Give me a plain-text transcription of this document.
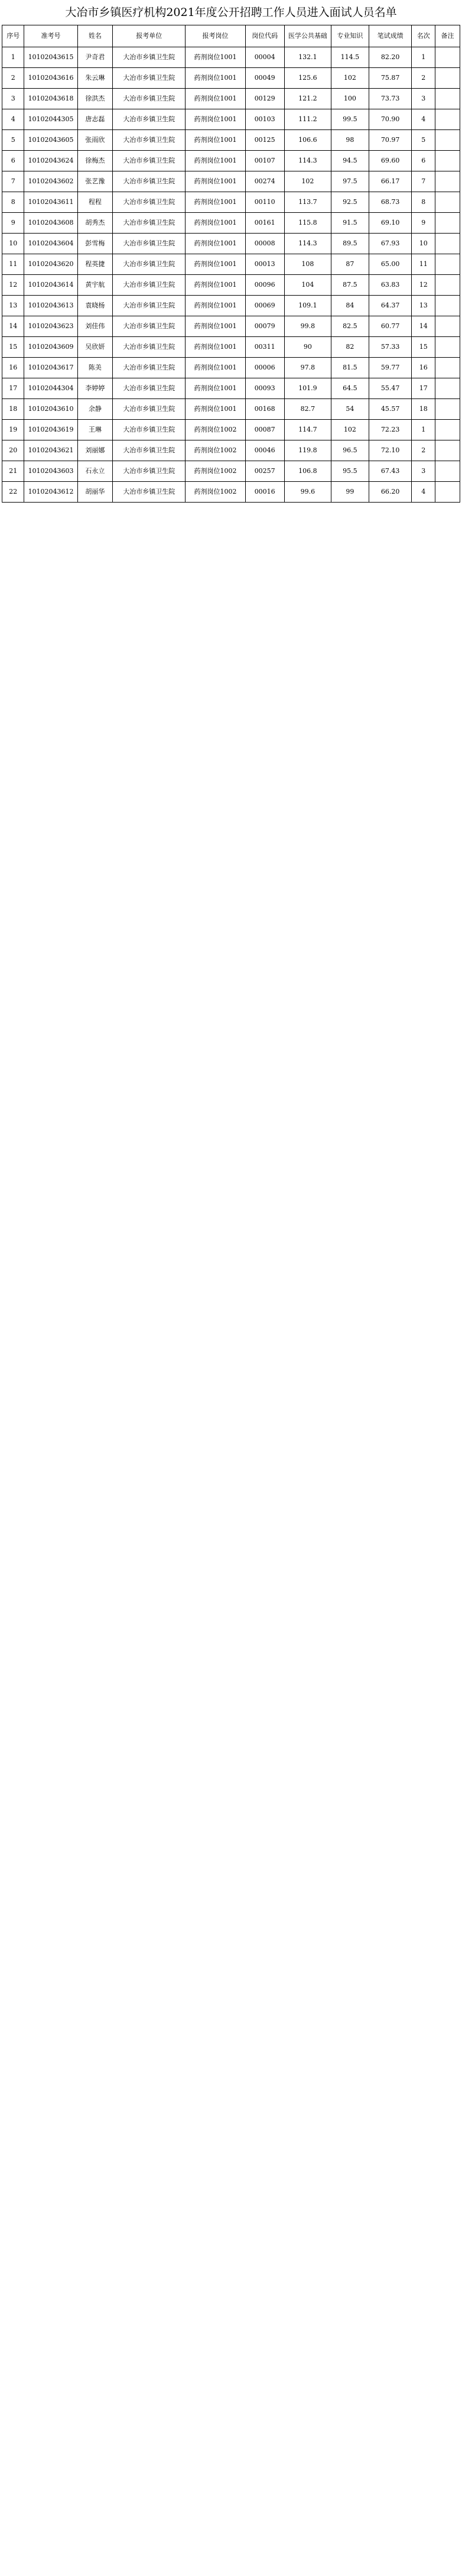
大冶市乡镇医疗机构2021年度公开招聘工作人员进入面试人员名单
序号	准考号	姓名	报考单位	报考岗位	岗位代码	医学公共基础	专业知识	笔试成绩	名次	备注
1	10102043615	尹奇君	大冶市乡镇卫生院	药剂岗位1001	00004	132.1	114.5	82.20	1	
2	10102043616	朱云琳	大冶市乡镇卫生院	药剂岗位1001	00049	125.6	102	75.87	2	
3	10102043618	徐洪杰	大冶市乡镇卫生院	药剂岗位1001	00129	121.2	100	73.73	3	
4	10102044305	唐志磊	大冶市乡镇卫生院	药剂岗位1001	00103	111.2	99.5	70.90	4	
5	10102043605	张雨欣	大冶市乡镇卫生院	药剂岗位1001	00125	106.6	98	70.97	5	
6	10102043624	徐梅杰	大冶市乡镇卫生院	药剂岗位1001	00107	114.3	94.5	69.60	6	
7	10102043602	张艺豫	大冶市乡镇卫生院	药剂岗位1001	00274	102	97.5	66.17	7	
8	10102043611	程程	大冶市乡镇卫生院	药剂岗位1001	00110	113.7	92.5	68.73	8	
9	10102043608	胡秀杰	大冶市乡镇卫生院	药剂岗位1001	00161	115.8	91.5	69.10	9	
10	10102043604	彭雪梅	大冶市乡镇卫生院	药剂岗位1001	00008	114.3	89.5	67.93	10	
11	10102043620	程英捷	大冶市乡镇卫生院	药剂岗位1001	00013	108	87	65.00	11	
12	10102043614	黄宇航	大冶市乡镇卫生院	药剂岗位1001	00096	104	87.5	63.83	12	
13	10102043613	袁晓杨	大冶市乡镇卫生院	药剂岗位1001	00069	109.1	84	64.37	13	
14	10102043623	刘佳伟	大冶市乡镇卫生院	药剂岗位1001	00079	99.8	82.5	60.77	14	
15	10102043609	吴欣妍	大冶市乡镇卫生院	药剂岗位1001	00311	90	82	57.33	15	
16	10102043617	陈美	大冶市乡镇卫生院	药剂岗位1001	00006	97.8	81.5	59.77	16	
17	10102044304	李婷婷	大冶市乡镇卫生院	药剂岗位1001	00093	101.9	64.5	55.47	17	
18	10102043610	余静	大冶市乡镇卫生院	药剂岗位1001	00168	82.7	54	45.57	18	
19	10102043619	王琳	大冶市乡镇卫生院	药剂岗位1002	00087	114.7	102	72.23	1	
20	10102043621	刘丽娜	大冶市乡镇卫生院	药剂岗位1002	00046	119.8	96.5	72.10	2	
21	10102043603	石永立	大冶市乡镇卫生院	药剂岗位1002	00257	106.8	95.5	67.43	3	
22	10102043612	胡丽华	大冶市乡镇卫生院	药剂岗位1002	00016	99.6	99	66.20	4	
